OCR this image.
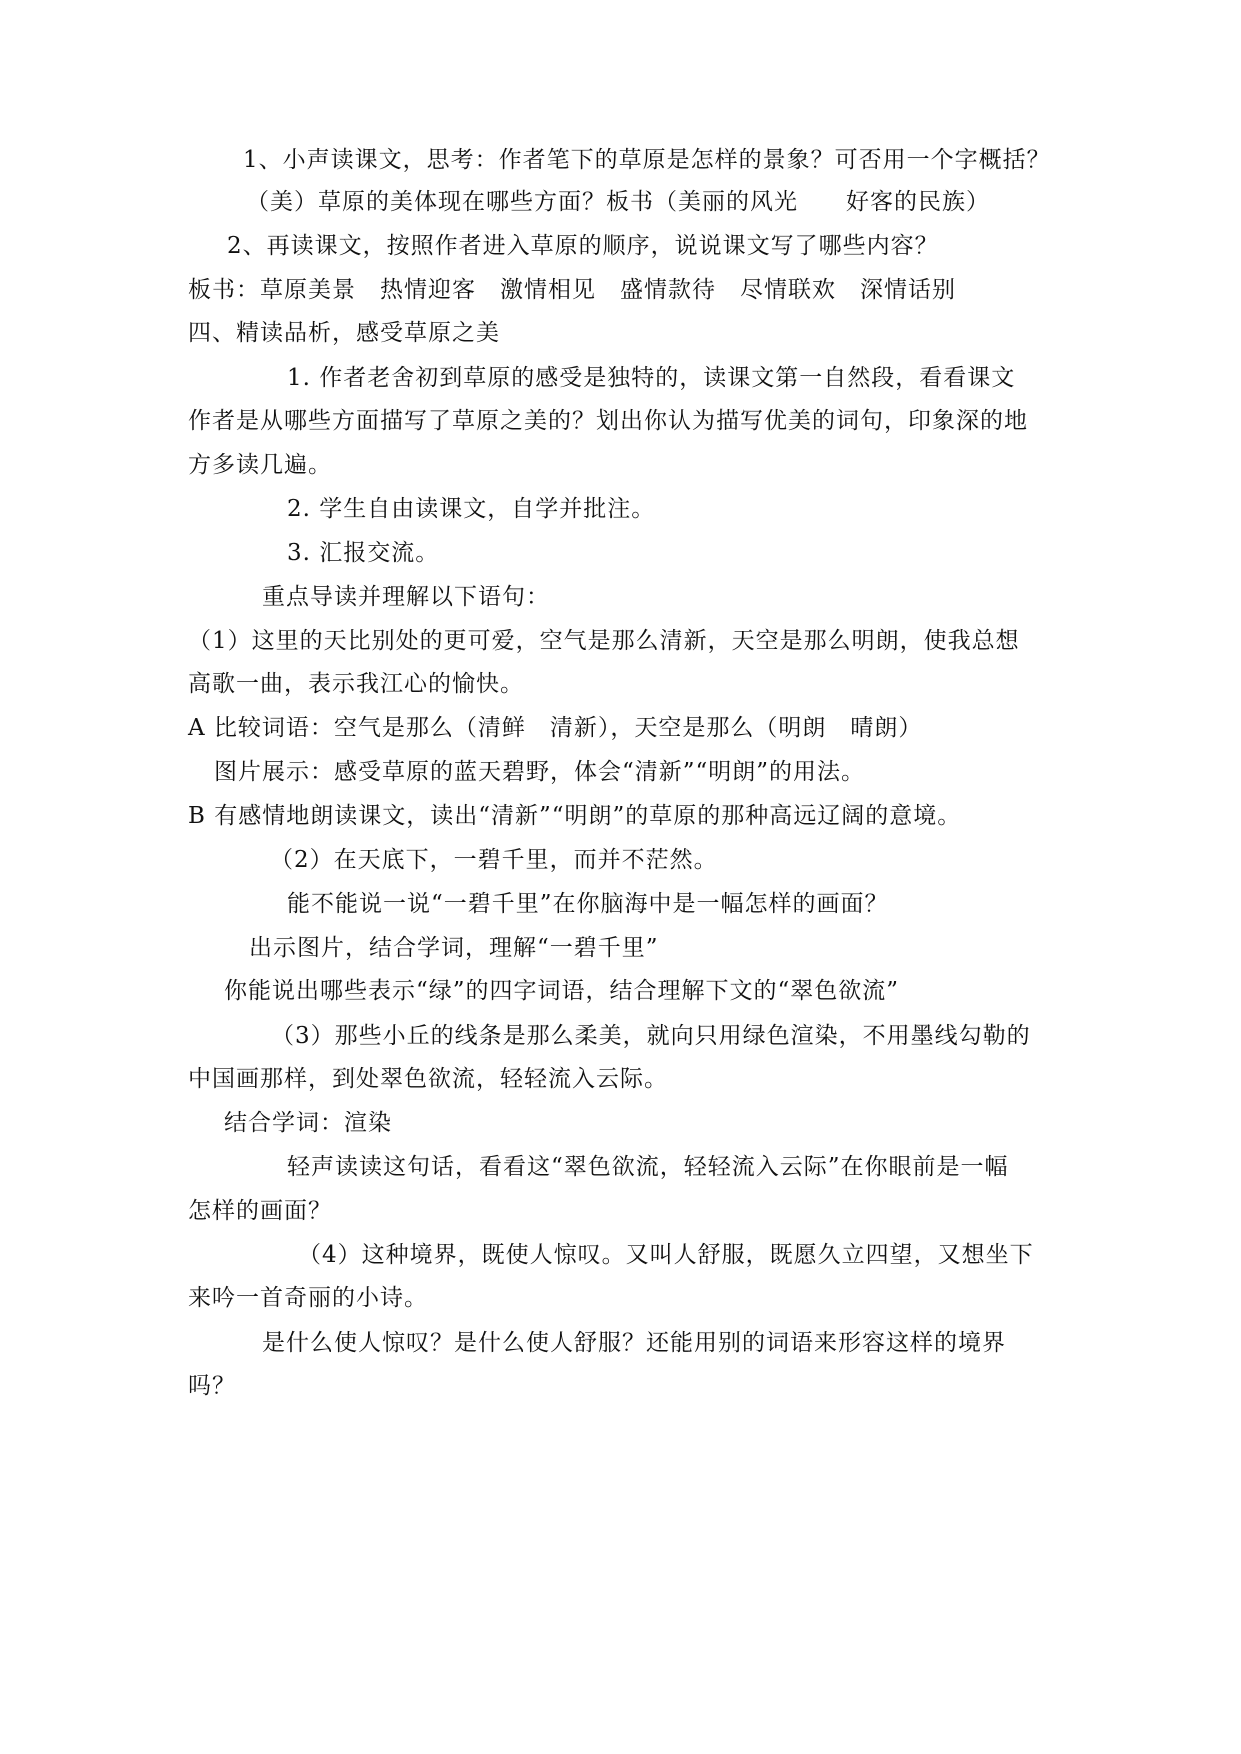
1、小声读课文，思考：作者笔下的草原是怎样的景象？可否用一个字概括？
（美）草原的美体现在哪些方面？板书（美丽的风光　　好客的民族）
2、再读课文，按照作者进入草原的顺序，说说课文写了哪些内容？
板书：草原美景　热情迎客　激情相见　盛情款待　尽情联欢　深情话别
四、精读品析，感受草原之美
1. 作者老舍初到草原的感受是独特的，读课文第一自然段，看看课文
作者是从哪些方面描写了草原之美的？划出你认为描写优美的词句，印象深的地
方多读几遍。
2. 学生自由读课文，自学并批注。
3. 汇报交流。
重点导读并理解以下语句：
（1）这里的天比别处的更可爱，空气是那么清新，天空是那么明朗，使我总想
高歌一曲，表示我江心的愉快。
A 比较词语：空气是那么（清鲜　清新），天空是那么（明朗　晴朗）
图片展示：感受草原的蓝天碧野，体会“清新”“明朗”的用法。
B 有感情地朗读课文，读出“清新”“明朗”的草原的那种高远辽阔的意境。
（2）在天底下，一碧千里，而并不茫然。
能不能说一说“一碧千里”在你脑海中是一幅怎样的画面？
出示图片，结合学词，理解“一碧千里”
你能说出哪些表示“绿”的四字词语，结合理解下文的“翠色欲流”
（3）那些小丘的线条是那么柔美，就向只用绿色渲染，不用墨线勾勒的
中国画那样，到处翠色欲流，轻轻流入云际。
结合学词：渲染
轻声读读这句话，看看这“翠色欲流，轻轻流入云际”在你眼前是一幅
怎样的画面？
（4）这种境界，既使人惊叹。又叫人舒服，既愿久立四望，又想坐下
来吟一首奇丽的小诗。
是什么使人惊叹？是什么使人舒服？还能用别的词语来形容这样的境界
吗？
